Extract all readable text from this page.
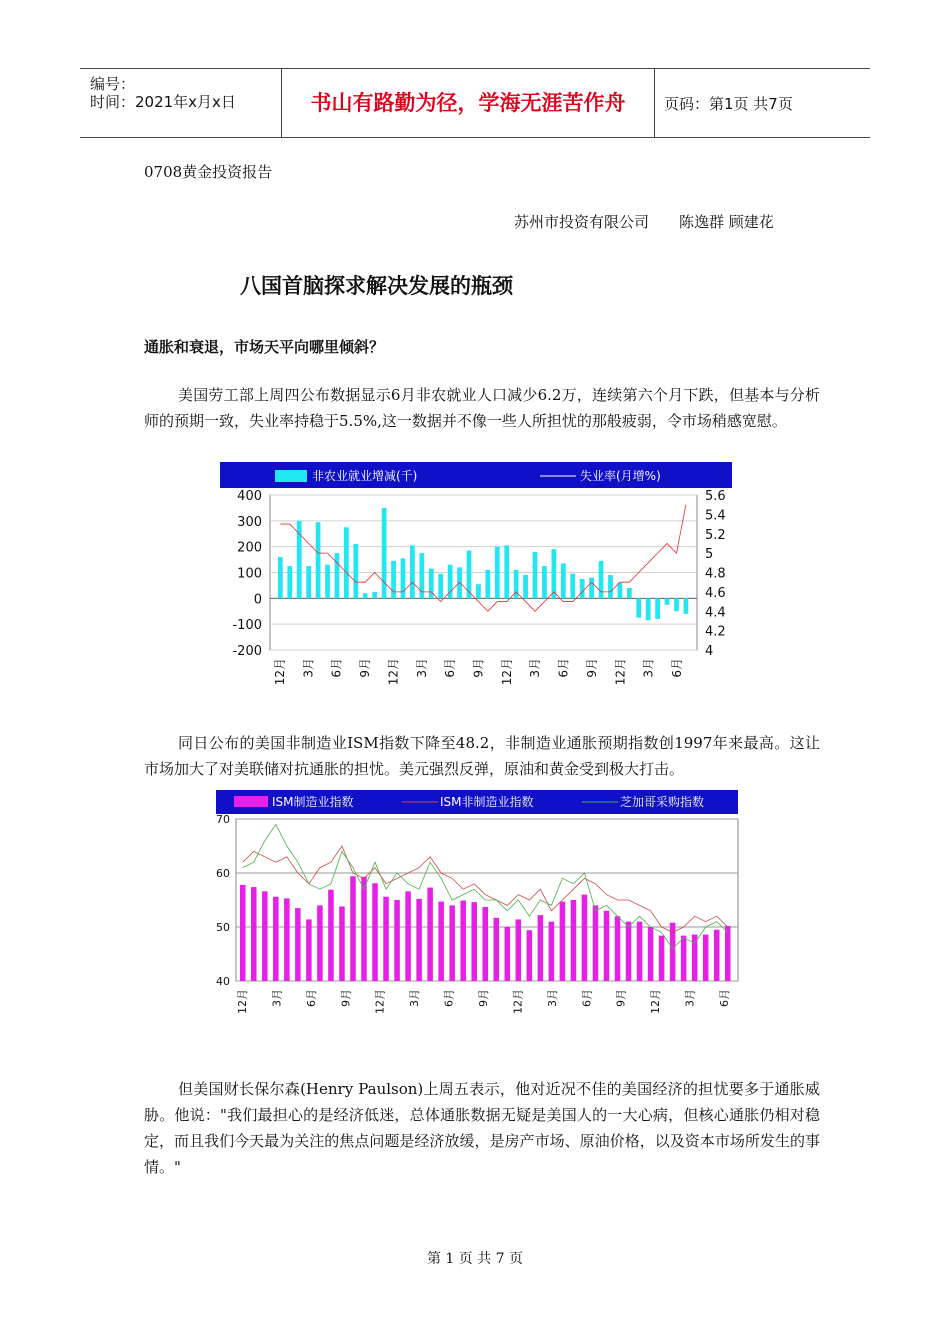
编号：
时间：2021年x月x日	书山有路勤为径，学海无涯苦作舟	页码：第1页 共7页
0708黄金投资报告
苏州市投资有限公司　　陈逸群 顾建花
八国首脑探求解决发展的瓶颈
通胀和衰退，市场天平向哪里倾斜？
美国劳工部上周四公布数据显示6月非农就业人口减少6.2万，连续第六个月下跌，但基本与分析师的预期一致，失业率持稳于5.5%,这一数据并不像一些人所担忧的那般疲弱，令市场稍感宽慰。
非农业就业增减(千)	失业率(月增%)
400
300
200
100
0
-100
-200
5.6
5.4
5.2
5
4.8
4.6
4.4
4.2
4
12月 3月 6月 9月 12月 3月 6月 9月 12月 3月 6月 9月 12月 3月 6月
同日公布的美国非制造业ISM指数下降至48.2，非制造业通胀预期指数创1997年来最高。这让市场加大了对美联储对抗通胀的担忧。美元强烈反弹，原油和黄金受到极大打击。
ISM制造业指数	ISM非制造业指数	芝加哥采购指数
70
60
50
40
12月 3月 6月 9月 12月 3月 6月 9月 12月 3月 6月 9月 12月 3月 6月
但美国财长保尔森(Henry Paulson)上周五表示，他对近况不佳的美国经济的担忧要多于通胀威胁。他说："我们最担心的是经济低迷，总体通胀数据无疑是美国人的一大心病，但核心通胀仍相对稳定，而且我们今天最为关注的焦点问题是经济放缓，是房产市场、原油价格，以及资本市场所发生的事情。"
第 1 页 共 7 页
